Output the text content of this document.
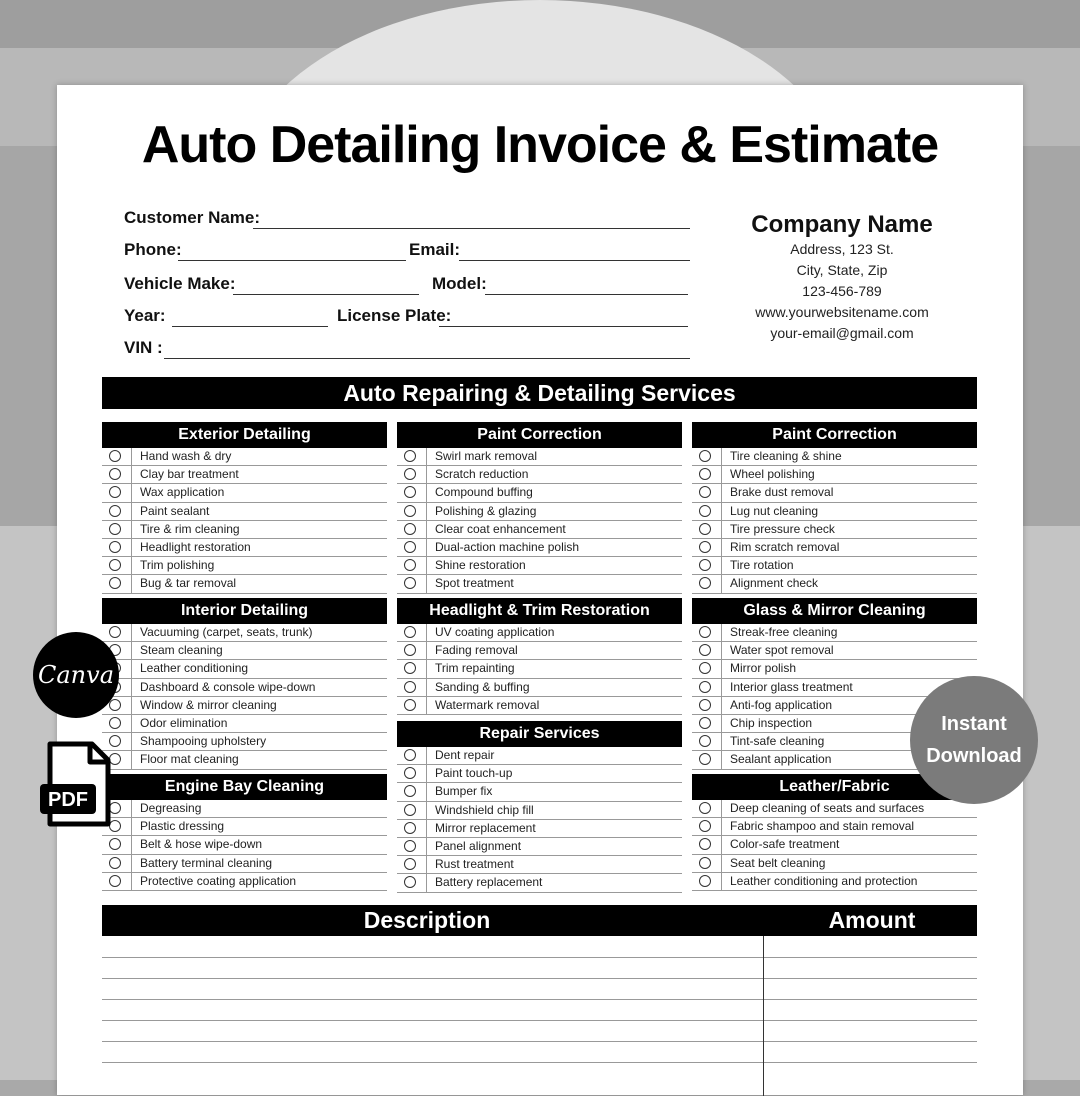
Auto Detailing Invoice & Estimate
Customer Name:
Phone:	Email:
Vehicle Make:	Model:
Year:	License Plate:
VIN :
Company Name
Address, 123 St.
City, State, Zip
123-456-789
www.yourwebsitename.com
your-email@gmail.com
Auto Repairing & Detailing Services
Exterior Detailing
Hand wash & dry
Clay bar treatment
Wax application
Paint sealant
Tire & rim cleaning
Headlight restoration
Trim polishing
Bug & tar removal
Paint Correction
Swirl mark removal
Scratch reduction
Compound buffing
Polishing & glazing
Clear coat enhancement
Dual-action machine polish
Shine restoration
Spot treatment
Paint Correction
Tire cleaning & shine
Wheel polishing
Brake dust removal
Lug nut cleaning
Tire pressure check
Rim scratch removal
Tire rotation
Alignment check
Interior Detailing
Vacuuming (carpet, seats, trunk)
Steam cleaning
Leather conditioning
Dashboard & console wipe-down
Window & mirror cleaning
Odor elimination
Shampooing upholstery
Floor mat cleaning
Headlight & Trim Restoration
UV coating application
Fading removal
Trim repainting
Sanding & buffing
Watermark removal
Glass & Mirror Cleaning
Streak-free cleaning
Water spot removal
Mirror polish
Interior glass treatment
Anti-fog application
Chip inspection
Tint-safe cleaning
Sealant application
Repair Services
Dent repair
Paint touch-up
Bumper fix
Windshield chip fill
Mirror replacement
Panel alignment
Rust treatment
Battery replacement
Engine Bay Cleaning
Degreasing
Plastic dressing
Belt & hose wipe-down
Battery terminal cleaning
Protective coating application
Leather/Fabric
Deep cleaning of seats and surfaces
Fabric shampoo and stain removal
Color-safe treatment
Seat belt cleaning
Leather conditioning and protection
Description	Amount
Canva
PDF
Instant
Download
